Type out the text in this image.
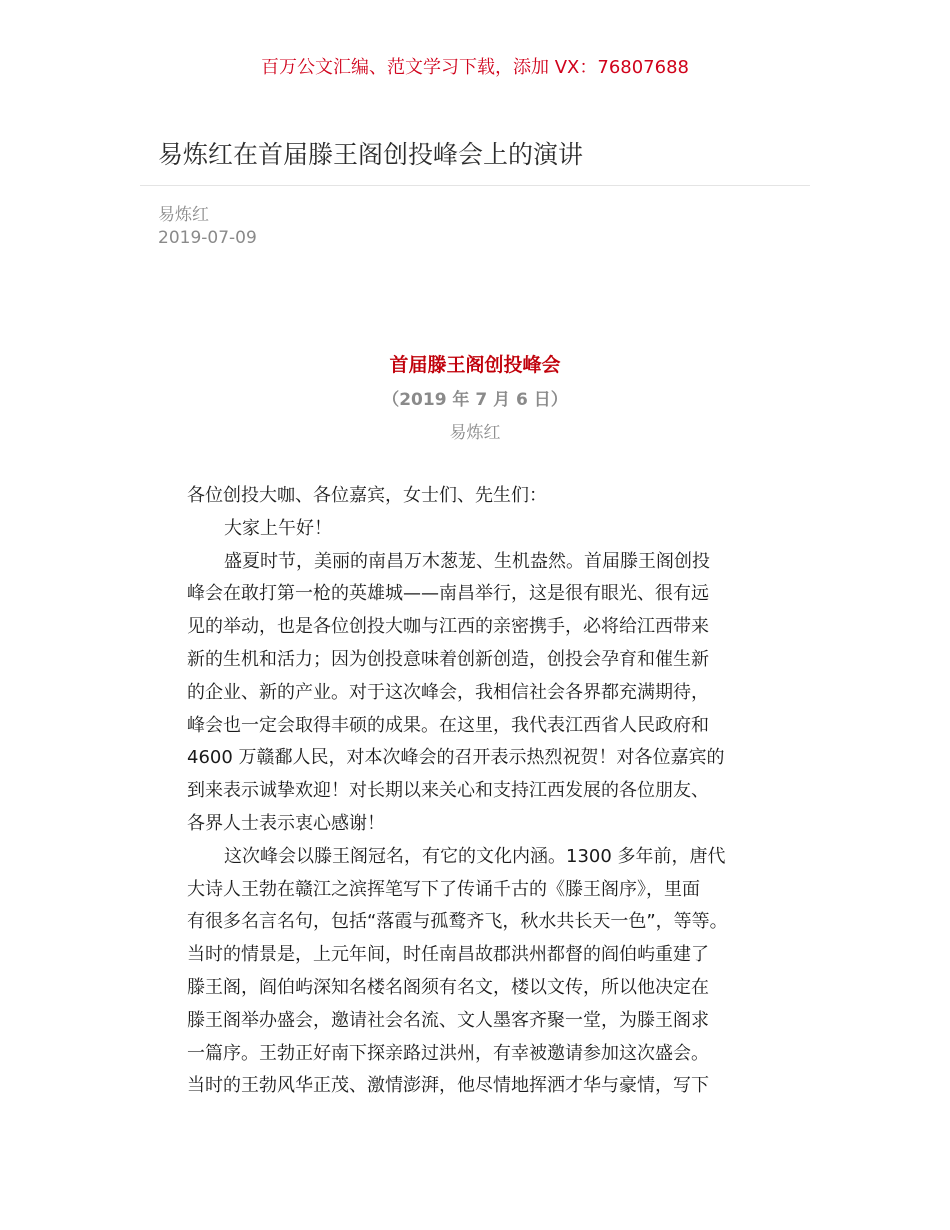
百万公文汇编、范文学习下载，添加 VX：76807688
易炼红在首届滕王阁创投峰会上的演讲
易炼红
2019-07-09
首届滕王阁创投峰会
（2019 年 7 月 6 日）
易炼红
各位创投大咖、各位嘉宾，女士们、先生们：
大家上午好！
盛夏时节，美丽的南昌万木葱茏、生机盎然。首届滕王阁创投
峰会在敢打第一枪的英雄城——南昌举行，这是很有眼光、很有远
见的举动，也是各位创投大咖与江西的亲密携手，必将给江西带来
新的生机和活力；因为创投意味着创新创造，创投会孕育和催生新
的企业、新的产业。对于这次峰会，我相信社会各界都充满期待，
峰会也一定会取得丰硕的成果。在这里，我代表江西省人民政府和
4600 万赣鄱人民，对本次峰会的召开表示热烈祝贺！对各位嘉宾的
到来表示诚挚欢迎！对长期以来关心和支持江西发展的各位朋友、
各界人士表示衷心感谢！
这次峰会以滕王阁冠名，有它的文化内涵。1300 多年前，唐代
大诗人王勃在赣江之滨挥笔写下了传诵千古的《滕王阁序》，里面
有很多名言名句，包括“落霞与孤鹜齐飞，秋水共长天一色”，等等。
当时的情景是，上元年间，时任南昌故郡洪州都督的阎伯屿重建了
滕王阁，阎伯屿深知名楼名阁须有名文，楼以文传，所以他决定在
滕王阁举办盛会，邀请社会名流、文人墨客齐聚一堂，为滕王阁求
一篇序。王勃正好南下探亲路过洪州，有幸被邀请参加这次盛会。
当时的王勃风华正茂、激情澎湃，他尽情地挥洒才华与豪情，写下
